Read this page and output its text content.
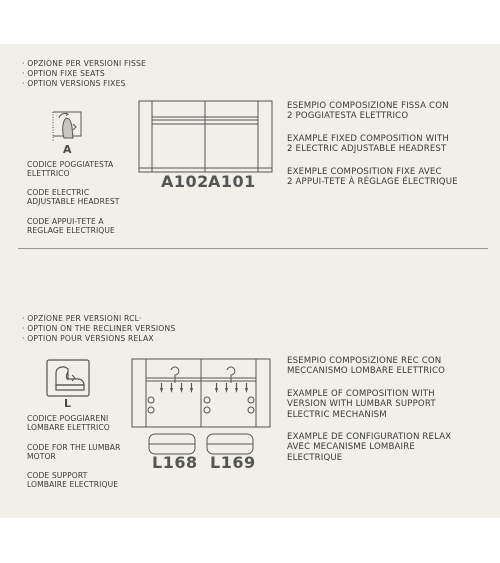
· OPZIONE PER VERSIONI FISSE
· OPTION FIXE SEATS
· OPTION VERSIONS FIXES
A
CODICE POGGIATESTA
ELETTRICO
CODE ELECTRIC
ADJUSTABLE HEADREST
CODE APPUI-TETE A
REGLAGE ELECTRIQUE
A102 A101
ESEMPIO COMPOSIZIONE FISSA CON
2 POGGIATESTA ELETTRICO
EXAMPLE FIXED COMPOSITION WITH
2 ELECTRIC ADJUSTABLE HEADREST
EXEMPLE COMPOSITION FIXE AVEC
2 APPUI-TETE À RÉGLAGE ÉLECTRIQUE
· OPZIONE PER VERSIONI RCL·
· OPTION ON THE RECLINER VERSIONS
· OPTION POUR VERSIONS RELAX
L
CODICE POGGIARENI
LOMBARE ELETTRICO
CODE FOR THE LUMBAR
MOTOR
CODE SUPPORT
LOMBAIRE ELECTRIQUE
L168 L169
ESEMPIO COMPOSIZIONE REC CON
MECCANISMO LOMBARE ELETTRICO
EXAMPLE OF COMPOSITION WITH
VERSION WITH LUMBAR SUPPORT
ELECTRIC MECHANISM
EXAMPLE DE CONFIGURATION RELAX
AVEC MECANISME LOMBAIRE
ELECTRIQUE
